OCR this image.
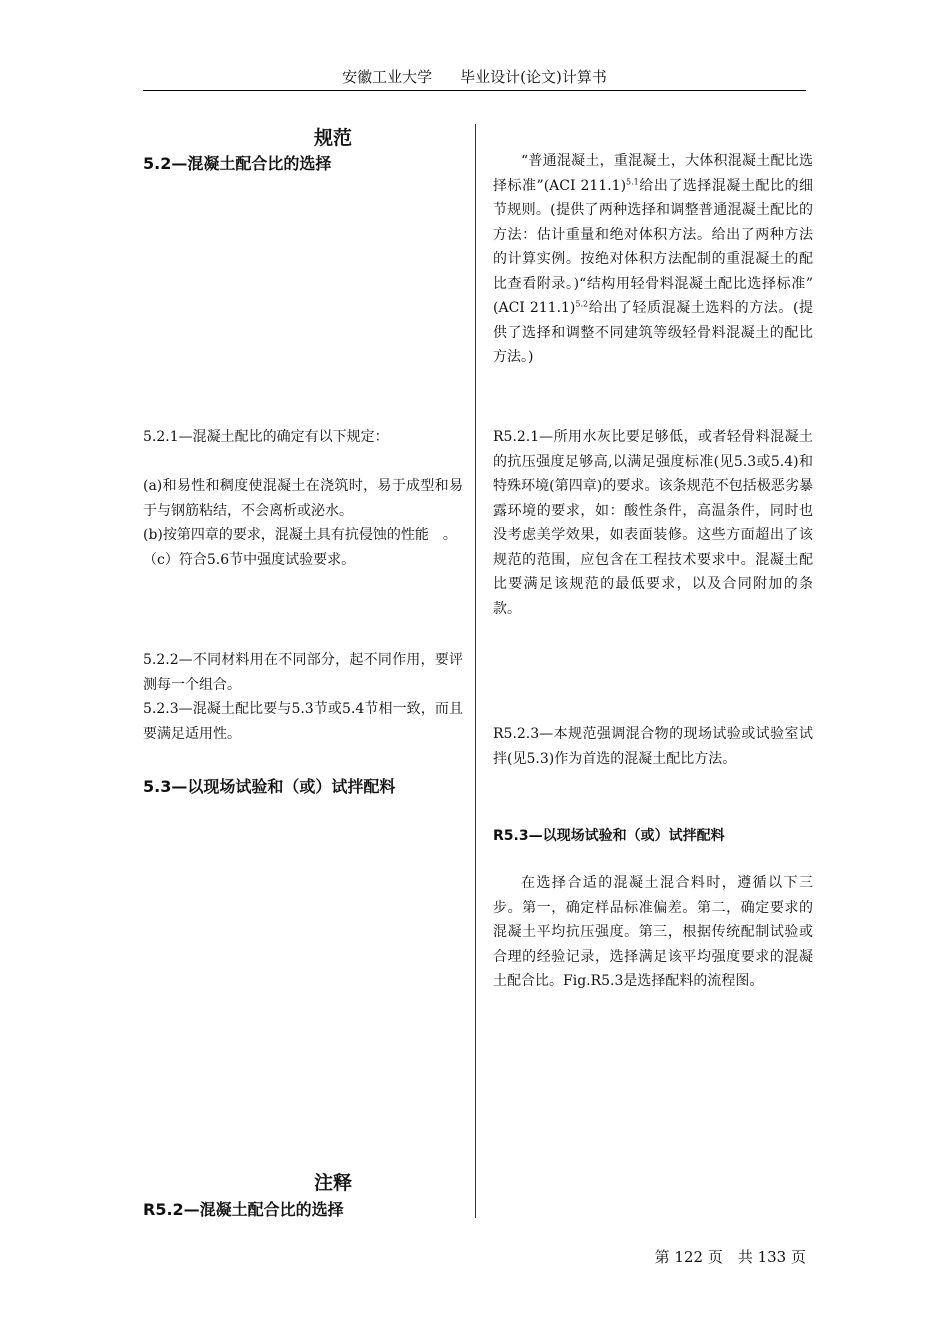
安徽工业大学 毕业设计(论文)计算书

规范

5.2—混凝土配合比的选择

5.2.1—混凝土配比的确定有以下规定：

(a)和易性和稠度使混凝土在浇筑时，易于成型和易于与钢筋粘结，不会离析或泌水。

(b)按第四章的要求，混凝土具有抗侵蚀的性能　。

（c）符合5.6节中强度试验要求。

5.2.2—不同材料用在不同部分，起不同作用，要评测每一个组合。

5.2.3—混凝土配比要与5.3节或5.4节相一致，而且要满足适用性。

5.3—以现场试验和（或）试拌配料

注释

R5.2—混凝土配合比的选择

“普通混凝土，重混凝土，大体积混凝土配比选择标准”(ACI 211.1)$^{5.1}$给出了选择混凝土配比的细节规则。(提供了两种选择和调整普通混凝土配比的方法：估计重量和绝对体积方法。给出了两种方法的计算实例。按绝对体积方法配制的重混凝土的配比查看附录。)“结构用轻骨料混凝土配比选择标准” (ACI 211.1)$^{5.2}$给出了轻质混凝土选料的方法。(提供了选择和调整不同建筑等级轻骨料混凝土的配比方法。)

R5.2.1—所用水灰比要足够低，或者轻骨料混凝土的抗压强度足够高,以满足强度标准(见5.3或5.4)和特殊环境(第四章)的要求。该条规范不包括极恶劣暴露环境的要求，如：酸性条件，高温条件，同时也没考虑美学效果，如表面装修。这些方面超出了该规范的范围，应包含在工程技术要求中。混凝土配比要满足该规范的最低要求，以及合同附加的条款。

R5.2.3—本规范强调混合物的现场试验或试验室试拌(见5.3)作为首选的混凝土配比方法。

R5.3—以现场试验和（或）试拌配料

在选择合适的混凝土混合料时，遵循以下三步。第一，确定样品标准偏差。第二，确定要求的混凝土平均抗压强度。第三，根据传统配制试验或合理的经验记录，选择满足该平均强度要求的混凝土配合比。Fig.R5.3是选择配料的流程图。

第 122 页　共 133 页
